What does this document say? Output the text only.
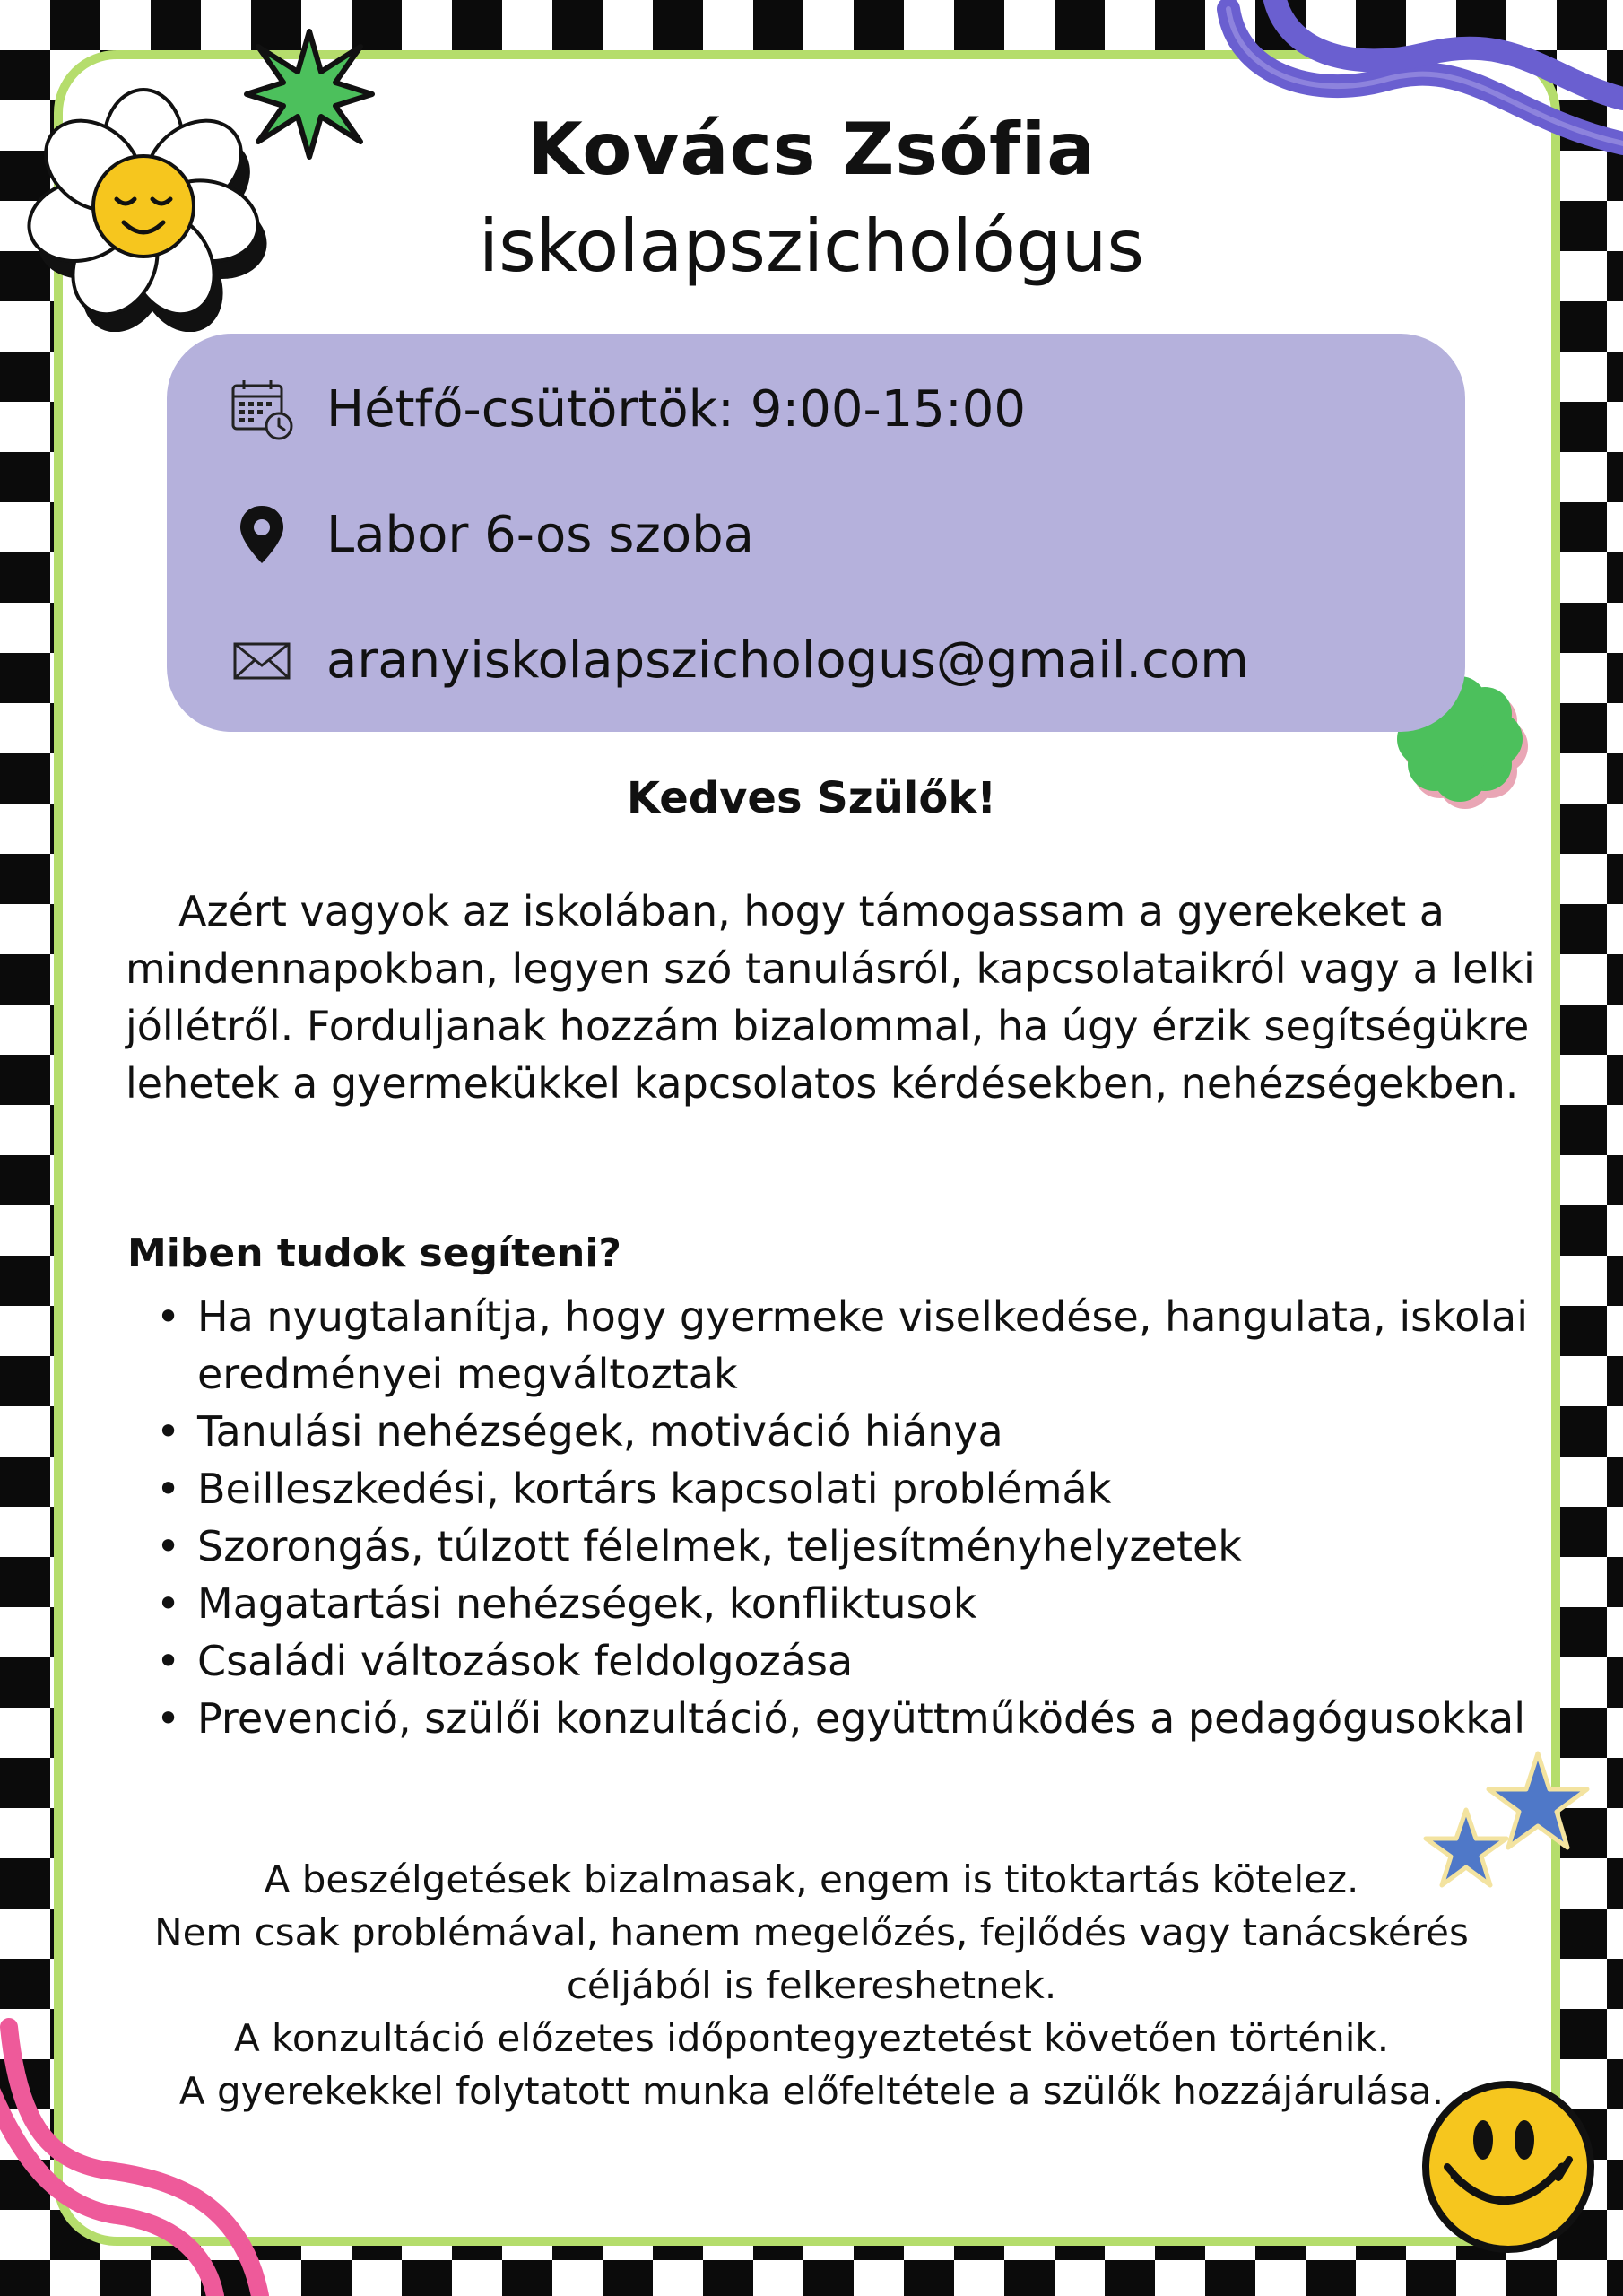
Kovács Zsófia
iskolapszichológus
Hétfő-csütörtök: 9:00-15:00
Labor 6-os szoba
aranyiskolapszichologus@gmail.com
Kedves Szülők!
Azért vagyok az iskolában, hogy támogassam a gyerekeket a
mindennapokban, legyen szó tanulásról, kapcsolataikról vagy a lelki
jóllétről. Forduljanak hozzám bizalommal, ha úgy érzik segítségükre
lehetek a gyermekükkel kapcsolatos kérdésekben, nehézségekben.
Miben tudok segíteni?
• Ha nyugtalanítja, hogy gyermeke viselkedése, hangulata, iskolai
eredményei megváltoztak
• Tanulási nehézségek, motiváció hiánya
• Beilleszkedési, kortárs kapcsolati problémák
• Szorongás, túlzott félelmek, teljesítményhelyzetek
• Magatartási nehézségek, konfliktusok
• Családi változások feldolgozása
• Prevenció, szülői konzultáció, együttműködés a pedagógusokkal
A beszélgetések bizalmasak, engem is titoktartás kötelez.
Nem csak problémával, hanem megelőzés, fejlődés vagy tanácskérés
céljából is felkereshetnek.
A konzultáció előzetes időpontegyeztetést követően történik.
A gyerekekkel folytatott munka előfeltétele a szülők hozzájárulása.
